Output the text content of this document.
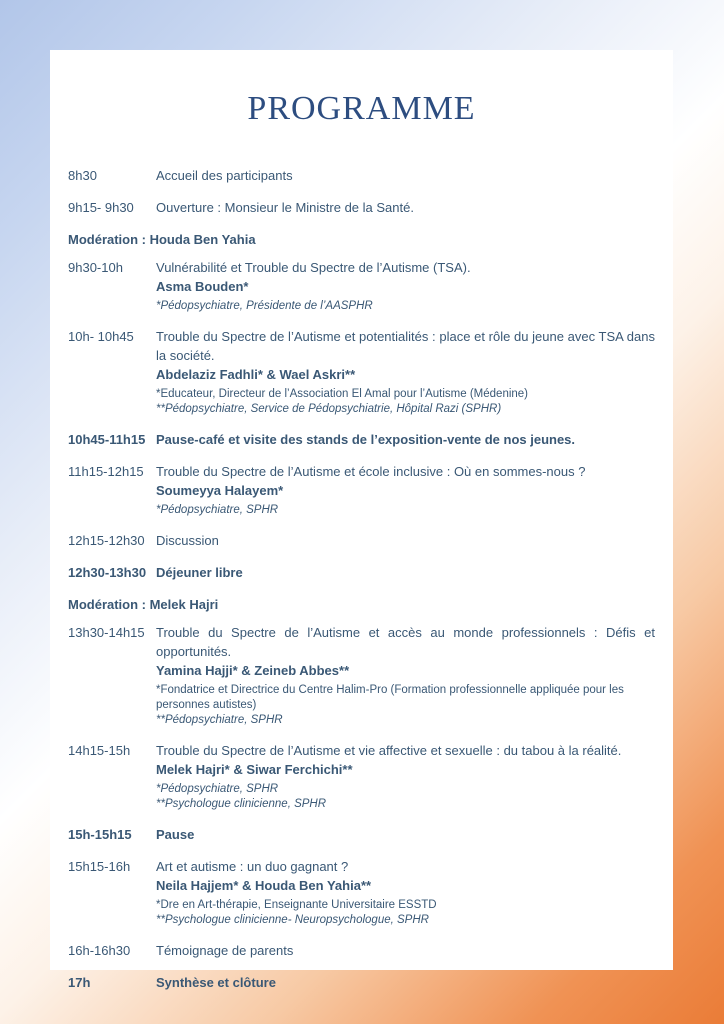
PROGRAMME
8h30	Accueil des participants
9h15- 9h30	Ouverture : Monsieur le Ministre de la Santé.
Modération : Houda Ben Yahia
9h30-10h	Vulnérabilité et Trouble du Spectre de l’Autisme (TSA).
Asma Bouden*
*Pédopsychiatre, Présidente de l’AASPHR
10h- 10h45	Trouble du Spectre de l’Autisme et potentialités : place et rôle du jeune avec TSA dans la société.
Abdelaziz Fadhli* & Wael Askri**
*Educateur, Directeur de l’Association El Amal pour l’Autisme (Médenine)
**Pédopsychiatre, Service de Pédopsychiatrie, Hôpital Razi (SPHR)
10h45-11h15 Pause-café et visite des stands de l’exposition-vente de nos jeunes.
11h15-12h15 Trouble du Spectre de l’Autisme et école inclusive : Où en sommes-nous ?
Soumeyya Halayem*
*Pédopsychiatre, SPHR
12h15-12h30 Discussion
12h30-13h30 Déjeuner libre
Modération : Melek Hajri
13h30-14h15 Trouble du Spectre de l’Autisme et accès au monde professionnels : Défis et opportunités.
Yamina Hajji* & Zeineb Abbes**
*Fondatrice et Directrice du Centre Halim-Pro (Formation professionnelle appliquée pour les personnes autistes)
**Pédopsychiatre, SPHR
14h15-15h	Trouble du Spectre de l’Autisme et vie affective et sexuelle : du tabou à la réalité.
Melek Hajri* & Siwar Ferchichi**
*Pédopsychiatre, SPHR
**Psychologue clinicienne, SPHR
15h-15h15	Pause
15h15-16h	Art et autisme : un duo gagnant ?
Neila Hajjem* & Houda Ben Yahia**
*Dre en Art-thérapie, Enseignante Universitaire ESSTD
**Psychologue clinicienne- Neuropsychologue, SPHR
16h-16h30	Témoignage de parents
17h	Synthèse et clôture
